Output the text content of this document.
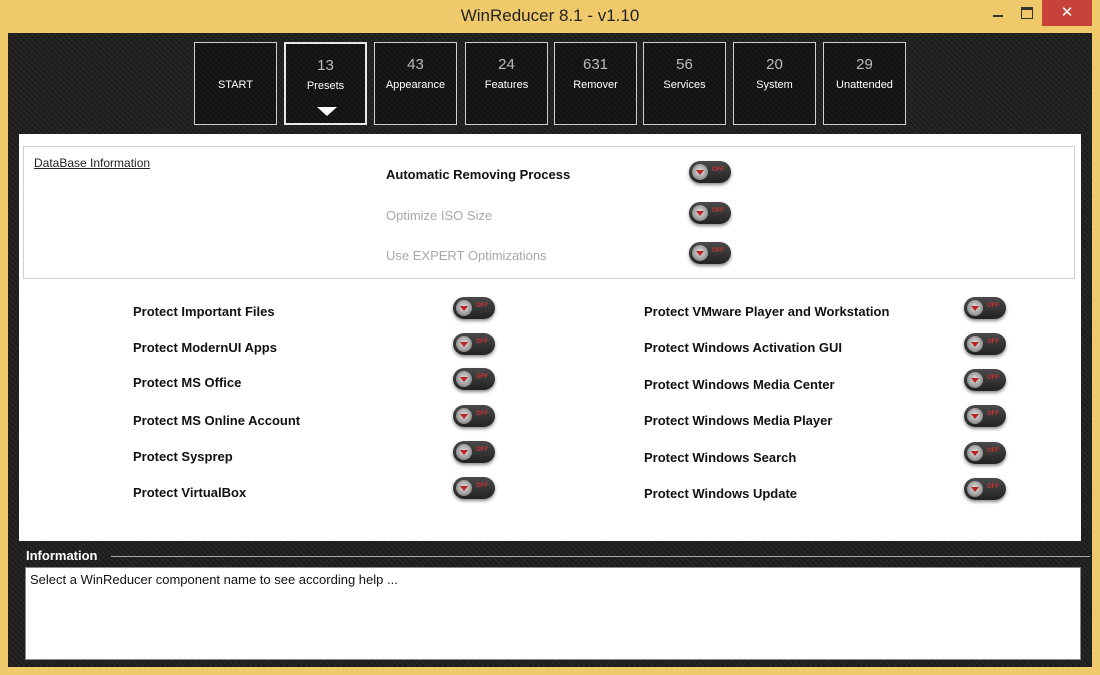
WinReducer 8.1 - v1.10	✕
START
13
Presets
43
Appearance
24
Features
631
Remover
56
Services
20
System
29
Unattended
DataBase Information
Automatic Removing Process	OFF
Optimize ISO Size	OFF
Use EXPERT Optimizations	OFF
Protect Important Files	OFF
Protect ModernUI Apps	OFF
Protect MS Office	OFF
Protect MS Online Account	OFF
Protect Sysprep	OFF
Protect VirtualBox	OFF
Protect VMware Player and Workstation	OFF
Protect Windows Activation GUI	OFF
Protect Windows Media Center	OFF
Protect Windows Media Player	OFF
Protect Windows Search	OFF
Protect Windows Update	OFF
Information
Select a WinReducer component name to see according help ...
